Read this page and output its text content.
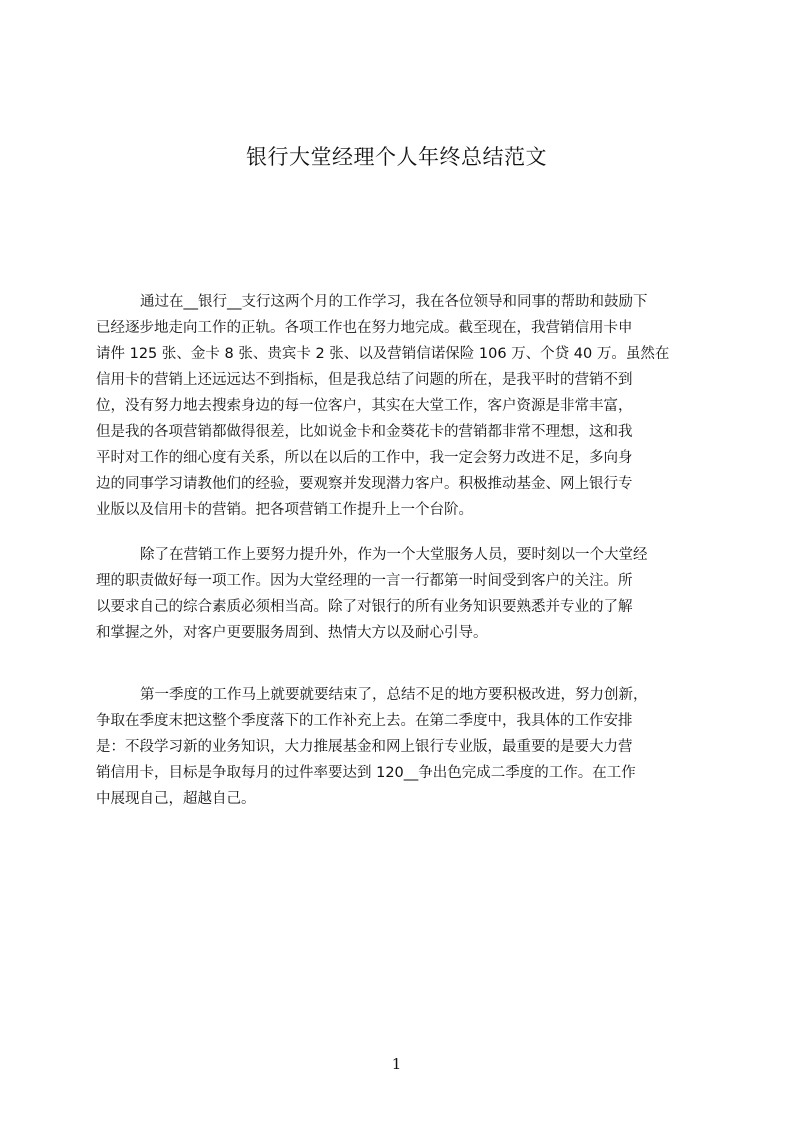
银行大堂经理个人年终总结范文
通过在__银行__支行这两个月的工作学习，我在各位领导和同事的帮助和鼓励下
已经逐步地走向工作的正轨。各项工作也在努力地完成。截至现在，我营销信用卡申
请件 125 张、金卡 8 张、贵宾卡 2 张、以及营销信诺保险 106 万、个贷 40 万。虽然在
信用卡的营销上还远远达不到指标，但是我总结了问题的所在，是我平时的营销不到
位，没有努力地去搜索身边的每一位客户，其实在大堂工作，客户资源是非常丰富，
但是我的各项营销都做得很差，比如说金卡和金葵花卡的营销都非常不理想，这和我
平时对工作的细心度有关系，所以在以后的工作中，我一定会努力改进不足，多向身
边的同事学习请教他们的经验，要观察并发现潜力客户。积极推动基金、网上银行专
业版以及信用卡的营销。把各项营销工作提升上一个台阶。
除了在营销工作上要努力提升外，作为一个大堂服务人员，要时刻以一个大堂经
理的职责做好每一项工作。因为大堂经理的一言一行都第一时间受到客户的关注。所
以要求自己的综合素质必须相当高。除了对银行的所有业务知识要熟悉并专业的了解
和掌握之外，对客户更要服务周到、热情大方以及耐心引导。
第一季度的工作马上就要就要结束了，总结不足的地方要积极改进，努力创新，
争取在季度末把这整个季度落下的工作补充上去。在第二季度中，我具体的工作安排
是：不段学习新的业务知识，大力推展基金和网上银行专业版，最重要的是要大力营
销信用卡，目标是争取每月的过件率要达到 120__争出色完成二季度的工作。在工作
中展现自己，超越自己。
1
